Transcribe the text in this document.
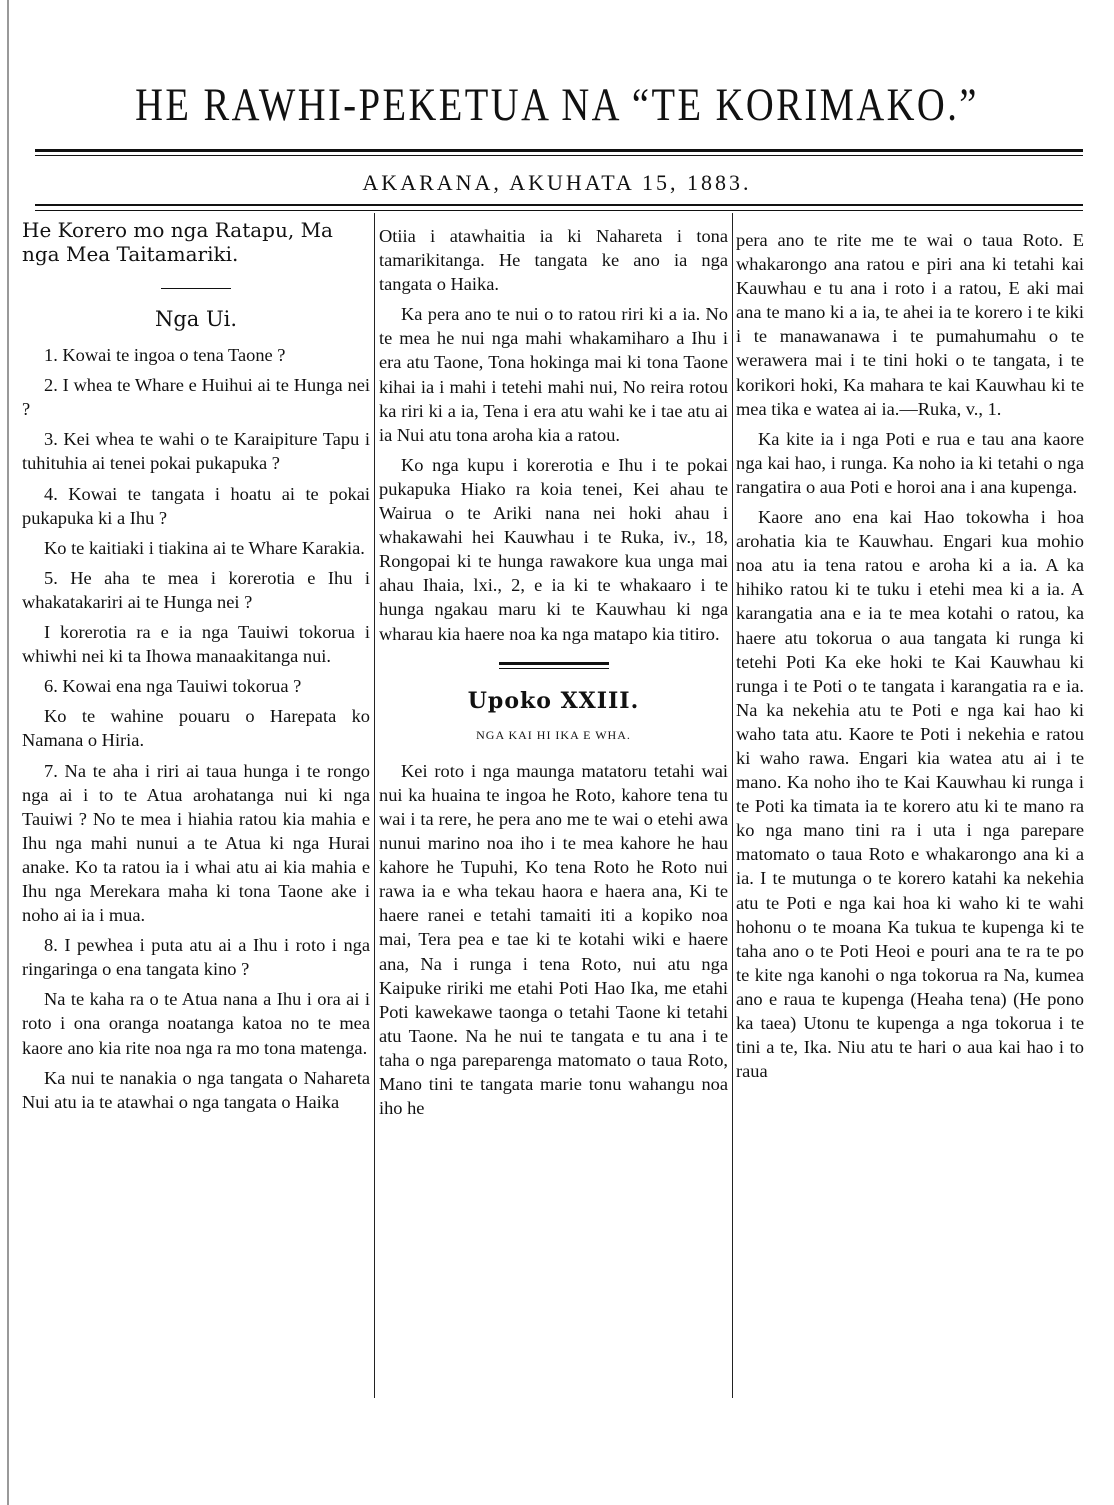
HE RAWHI-PEKETUA NA “TE KORIMAKO.”
AKARANA, AKUHATA 15, 1883.
He Korero mo nga Ratapu, Ma nga Mea Taitamariki.
Nga Ui.

1. Kowai te ingoa o tena Taone ?

2. I whea te Whare e Huihui ai te Hunga nei ?

3. Kei whea te wahi o te Karaipiture Tapu i tuhituhia ai tenei pokai pukapuka ?

4. Kowai te tangata i hoatu ai te pokai pukapuka ki a Ihu ?

Ko te kaitiaki i tiakina ai te Whare Karakia.

5. He aha te mea i korerotia e Ihu i whakatakariri ai te Hunga nei ?

I korerotia ra e ia nga Tauiwi tokorua i whiwhi nei ki ta Ihowa manaakitanga nui.

6. Kowai ena nga Tauiwi tokorua ?

Ko te wahine pouaru o Harepata ko Namana o Hiria.

7. Na te aha i riri ai taua hunga i te rongo nga ai i to te Atua arohatanga nui ki nga Tauiwi ? No te mea i hiahia ratou kia mahia e Ihu nga mahi nunui a te Atua ki nga Hurai anake. Ko ta ratou ia i whai atu ai kia mahia e Ihu nga Merekara maha ki tona Taone ake i noho ai ia i mua.

8. I pewhea i puta atu ai a Ihu i roto i nga ringaringa o ena tangata kino ?

Na te kaha ra o te Atua nana a Ihu i ora ai i roto i ona oranga noatanga katoa no te mea kaore ano kia rite noa nga ra mo tona matenga.

Ka nui te nanakia o nga tangata o Nahareta Nui atu ia te atawhai o nga tangata o Haika

Otiia i atawhaitia ia ki Nahareta i tona tamarikitanga. He tangata ke ano ia nga tangata o Haika.

Ka pera ano te nui o to ratou riri ki a ia. No te mea he nui nga mahi whakamiharo a Ihu i era atu Taone, Tona hokinga mai ki tona Taone kihai ia i mahi i tetehi mahi nui, No reira rotou ka riri ki a ia, Tena i era atu wahi ke i tae atu ai ia Nui atu tona aroha kia a ratou.

Ko nga kupu i korerotia e Ihu i te pokai pukapuka Hiako ra koia tenei, Kei ahau te Wairua o te Ariki nana nei hoki ahau i whakawahi hei Kauwhau i te Ruka, iv., 18, Rongopai ki te hunga rawakore kua unga mai ahau Ihaia, lxi., 2, e ia ki te whakaaro i te hunga ngakau maru ki te Kauwhau ki nga wharau kia haere noa ka nga matapo kia titiro.

Upoko XXIII.
NGA KAI HI IKA E WHA.

Kei roto i nga maunga matatoru tetahi wai nui ka huaina te ingoa he Roto, kahore tena tu wai i ta rere, he pera ano me te wai o etehi awa nunui marino noa iho i te mea kahore he hau kahore he Tupuhi, Ko tena Roto he Roto nui rawa ia e wha tekau haora e haera ana, Ki te haere ranei e tetahi tamaiti iti a kopiko noa mai, Tera pea e tae ki te kotahi wiki e haere ana, Na i runga i tena Roto, nui atu nga Kaipuke ririki me etahi Poti Hao Ika, me etahi Poti kawekawe taonga o tetahi Taone ki tetahi atu Taone. Na he nui te tangata e tu ana i te taha o nga pareparenga matomato o taua Roto, Mano tini te tangata marie tonu wahangu noa iho he

pera ano te rite me te wai o taua Roto. E whakarongo ana ratou e piri ana ki tetahi kai Kauwhau e tu ana i roto i a ratou, E aki mai ana te mano ki a ia, te ahei ia te korero i te kiki i te manawanawa i te pumahumahu o te werawera mai i te tini hoki o te tangata, i te korikori hoki, Ka mahara te kai Kauwhau ki te mea tika e watea ai ia.—Ruka, v., 1.

Ka kite ia i nga Poti e rua e tau ana kaore nga kai hao, i runga. Ka noho ia ki tetahi o nga rangatira o aua Poti e horoi ana i ana kupenga.

Kaore ano ena kai Hao tokowha i hoa arohatia kia te Kauwhau. Engari kua mohio noa atu ia tena ratou e aroha ki a ia. A ka hihiko ratou ki te tuku i etehi mea ki a ia. A karangatia ana e ia te mea kotahi o ratou, ka haere atu tokorua o aua tangata ki runga ki tetehi Poti Ka eke hoki te Kai Kauwhau ki runga i te Poti o te tangata i karangatia ra e ia. Na ka nekehia atu te Poti e nga kai hao ki waho tata atu. Kaore te Poti i nekehia e ratou ki waho rawa. Engari kia watea atu ai i te mano. Ka noho iho te Kai Kauwhau ki runga i te Poti ka timata ia te korero atu ki te mano ra ko nga mano tini ra i uta i nga parepare matomato o taua Roto e whakarongo ana ki a ia. I te mutunga o te korero katahi ka nekehia atu te Poti e nga kai hoa ki waho ki te wahi hohonu o te moana Ka tukua te kupenga ki te taha ano o te Poti Heoi e pouri ana te ra te po te kite nga kanohi o nga tokorua ra Na, kumea ano e raua te kupenga (Heaha tena) (He pono ka taea) Utonu te kupenga a nga tokorua i te tini a te, Ika. Niu atu te hari o aua kai hao i to raua
